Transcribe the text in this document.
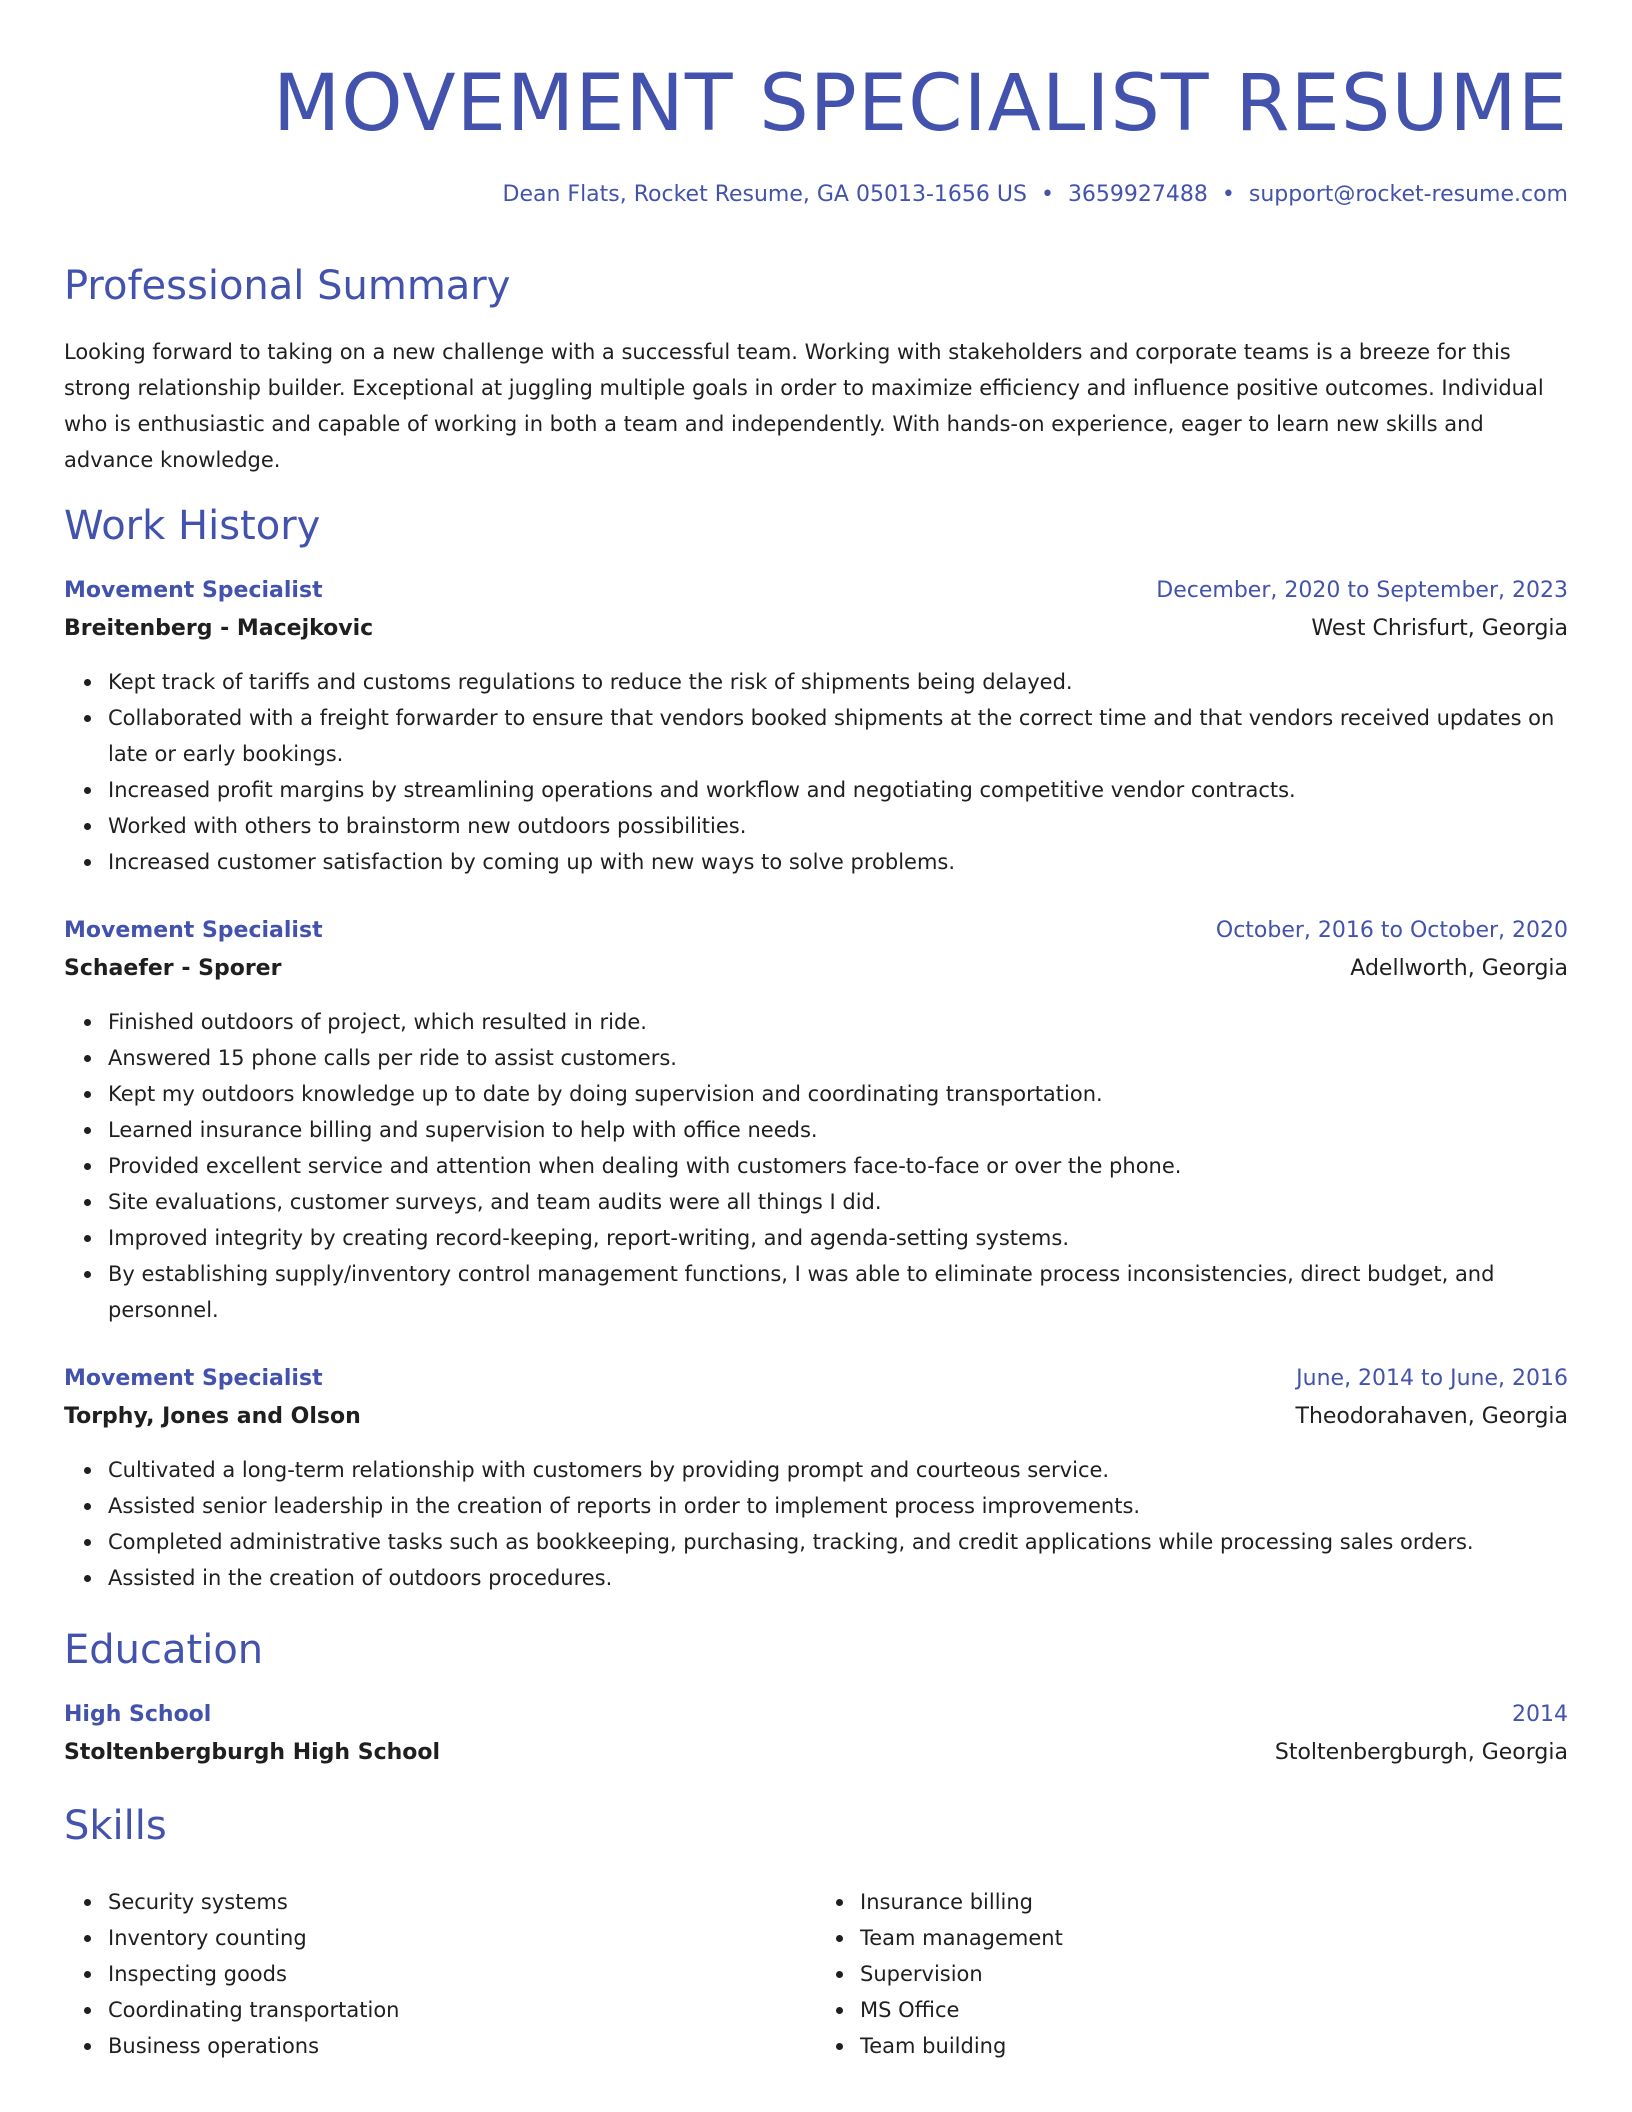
MOVEMENT SPECIALIST RESUME
Dean Flats, Rocket Resume, GA 05013-1656 US • 3659927488 • support@rocket-resume.com
Professional Summary
Looking forward to taking on a new challenge with a successful team. Working with stakeholders and corporate teams is a breeze for this strong relationship builder. Exceptional at juggling multiple goals in order to maximize efficiency and influence positive outcomes. Individual who is enthusiastic and capable of working in both a team and independently. With hands-on experience, eager to learn new skills and advance knowledge.
Work History
Movement Specialist	December, 2020 to September, 2023
Breitenberg - Macejkovic	West Chrisfurt, Georgia
Kept track of tariffs and customs regulations to reduce the risk of shipments being delayed.
Collaborated with a freight forwarder to ensure that vendors booked shipments at the correct time and that vendors received updates on late or early bookings.
Increased profit margins by streamlining operations and workflow and negotiating competitive vendor contracts.
Worked with others to brainstorm new outdoors possibilities.
Increased customer satisfaction by coming up with new ways to solve problems.
Movement Specialist	October, 2016 to October, 2020
Schaefer - Sporer	Adellworth, Georgia
Finished outdoors of project, which resulted in ride.
Answered 15 phone calls per ride to assist customers.
Kept my outdoors knowledge up to date by doing supervision and coordinating transportation.
Learned insurance billing and supervision to help with office needs.
Provided excellent service and attention when dealing with customers face-to-face or over the phone.
Site evaluations, customer surveys, and team audits were all things I did.
Improved integrity by creating record-keeping, report-writing, and agenda-setting systems.
By establishing supply/inventory control management functions, I was able to eliminate process inconsistencies, direct budget, and personnel.
Movement Specialist	June, 2014 to June, 2016
Torphy, Jones and Olson	Theodorahaven, Georgia
Cultivated a long-term relationship with customers by providing prompt and courteous service.
Assisted senior leadership in the creation of reports in order to implement process improvements.
Completed administrative tasks such as bookkeeping, purchasing, tracking, and credit applications while processing sales orders.
Assisted in the creation of outdoors procedures.
Education
High School	2014
Stoltenbergburgh High School	Stoltenbergburgh, Georgia
Skills
Security systems
Inventory counting
Inspecting goods
Coordinating transportation
Business operations
Insurance billing
Team management
Supervision
MS Office
Team building
